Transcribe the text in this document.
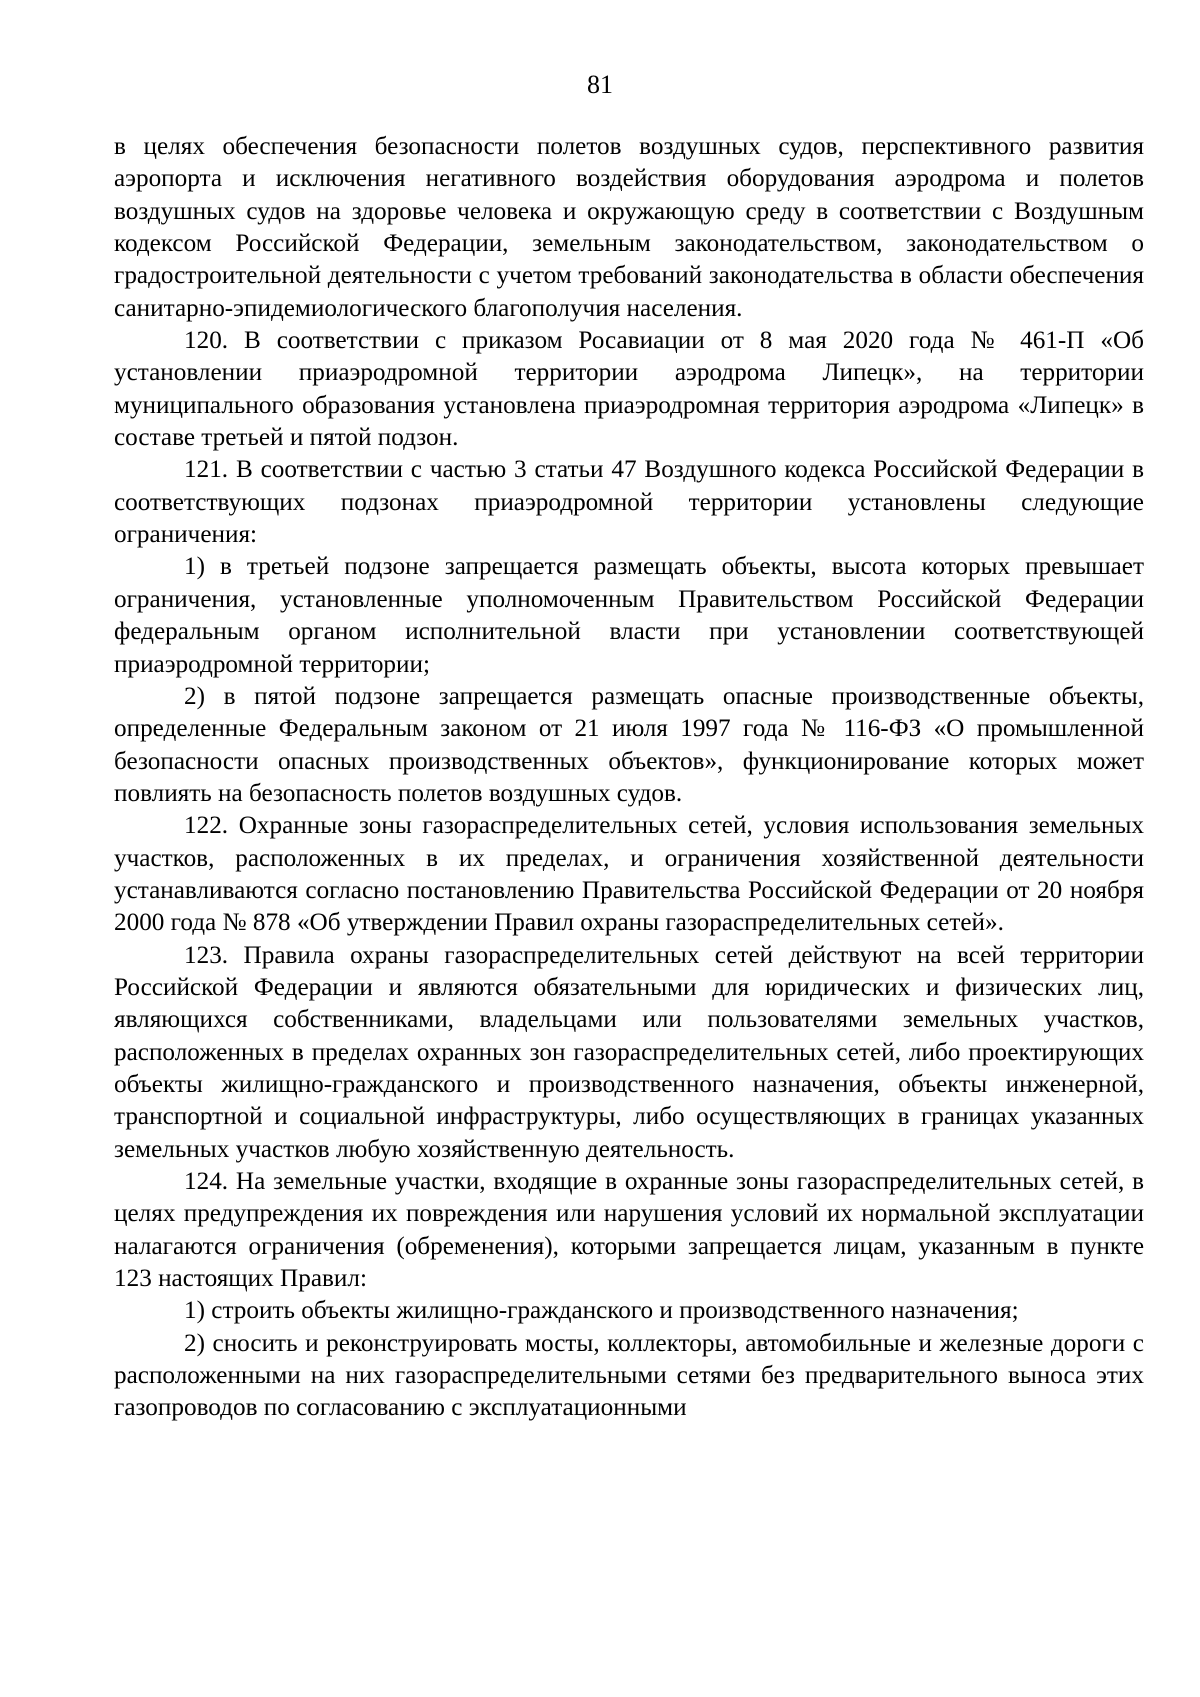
81

в целях обеспечения безопасности полетов воздушных судов, перспективного развития аэропорта и исключения негативного воздействия оборудования аэродрома и полетов воздушных судов на здоровье человека и окружающую среду в соответствии с Воздушным кодексом Российской Федерации, земельным законодательством, законодательством о градостроительной деятельности с учетом требований законодательства в области обеспечения санитарно-эпидемиологического благополучия населения.

120. В соответствии с приказом Росавиации от 8 мая 2020 года № 461-П «Об установлении приаэродромной территории аэродрома Липецк», на территории муниципального образования установлена приаэродромная территория аэродрома «Липецк» в составе третьей и пятой подзон.

121. В соответствии с частью 3 статьи 47 Воздушного кодекса Российской Федерации в соответствующих подзонах приаэродромной территории установлены следующие ограничения:

1) в третьей подзоне запрещается размещать объекты, высота которых превышает ограничения, установленные уполномоченным Правительством Российской Федерации федеральным органом исполнительной власти при установлении соответствующей приаэродромной территории;

2) в пятой подзоне запрещается размещать опасные производственные объекты, определенные Федеральным законом от 21 июля 1997 года № 116-ФЗ «О промышленной безопасности опасных производственных объектов», функционирование которых может повлиять на безопасность полетов воздушных судов.

122. Охранные зоны газораспределительных сетей, условия использования земельных участков, расположенных в их пределах, и ограничения хозяйственной деятельности устанавливаются согласно постановлению Правительства Российской Федерации от 20 ноября 2000 года № 878 «Об утверждении Правил охраны газораспределительных сетей».

123. Правила охраны газораспределительных сетей действуют на всей территории Российской Федерации и являются обязательными для юридических и физических лиц, являющихся собственниками, владельцами или пользователями земельных участков, расположенных в пределах охранных зон газораспределительных сетей, либо проектирующих объекты жилищно-гражданского и производственного назначения, объекты инженерной, транспортной и социальной инфраструктуры, либо осуществляющих в границах указанных земельных участков любую хозяйственную деятельность.

124. На земельные участки, входящие в охранные зоны газораспределительных сетей, в целях предупреждения их повреждения или нарушения условий их нормальной эксплуатации налагаются ограничения (обременения), которыми запрещается лицам, указанным в пункте 123 настоящих Правил:

1) строить объекты жилищно-гражданского и производственного назначения;

2) сносить и реконструировать мосты, коллекторы, автомобильные и железные дороги с расположенными на них газораспределительными сетями без предварительного выноса этих газопроводов по согласованию с эксплуатационными
